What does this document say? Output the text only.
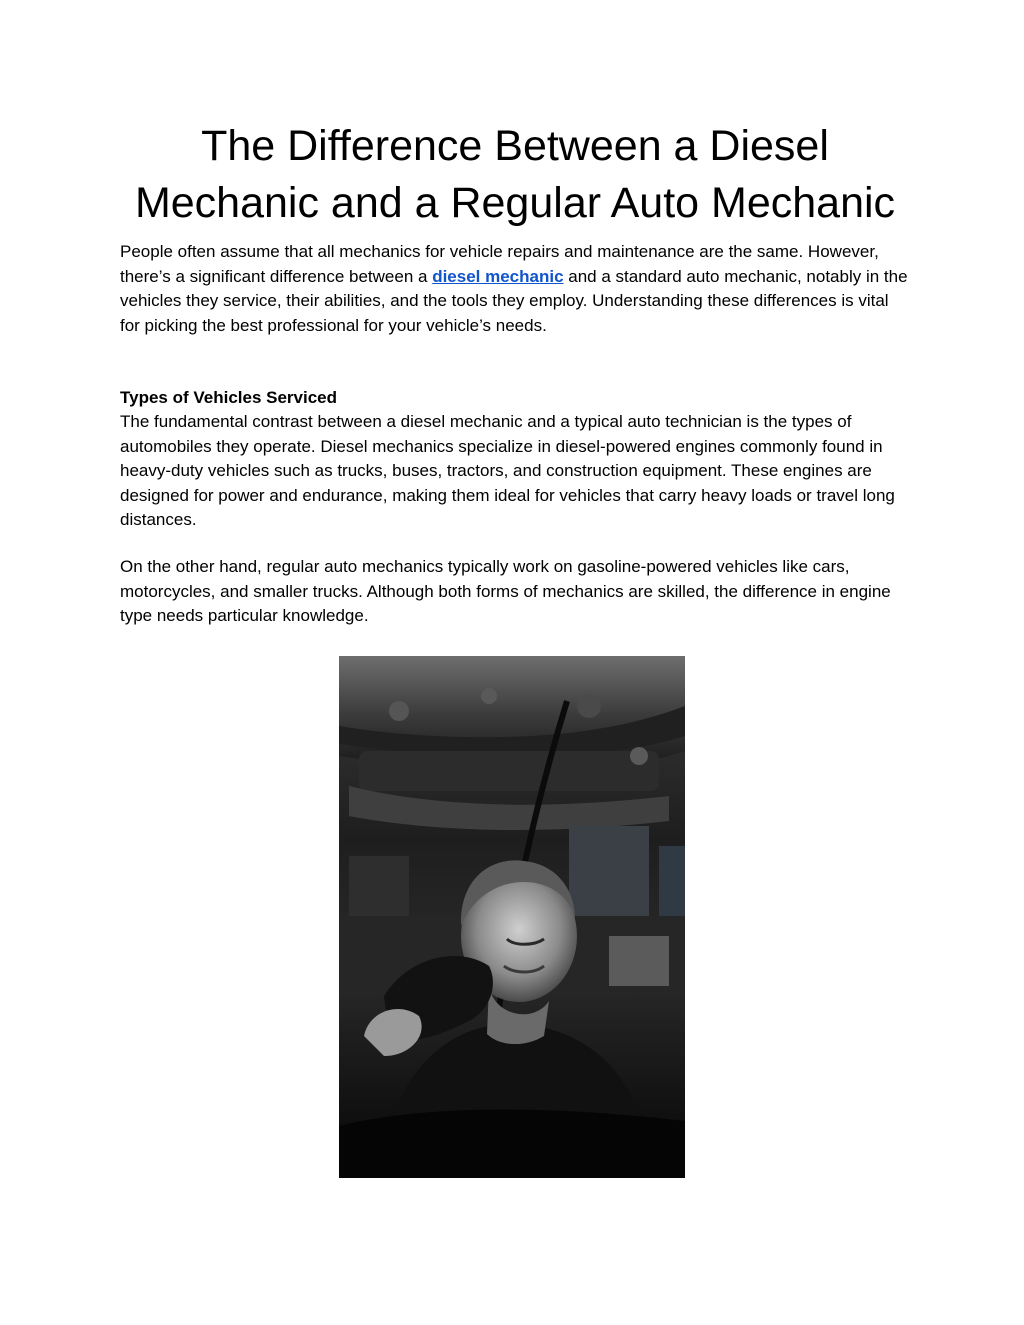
The Difference Between a Diesel
Mechanic and a Regular Auto Mechanic

People often assume that all mechanics for vehicle repairs and maintenance are the same. However, there’s a significant difference between a diesel mechanic and a standard auto mechanic, notably in the vehicles they service, their abilities, and the tools they employ. Understanding these differences is vital for picking the best professional for your vehicle’s needs.

Types of Vehicles Serviced

The fundamental contrast between a diesel mechanic and a typical auto technician is the types of automobiles they operate. Diesel mechanics specialize in diesel-powered engines commonly found in heavy-duty vehicles such as trucks, buses, tractors, and construction equipment. These engines are designed for power and endurance, making them ideal for vehicles that carry heavy loads or travel long distances.

On the other hand, regular auto mechanics typically work on gasoline-powered vehicles like cars, motorcycles, and smaller trucks. Although both forms of mechanics are skilled, the difference in engine type needs particular knowledge.
